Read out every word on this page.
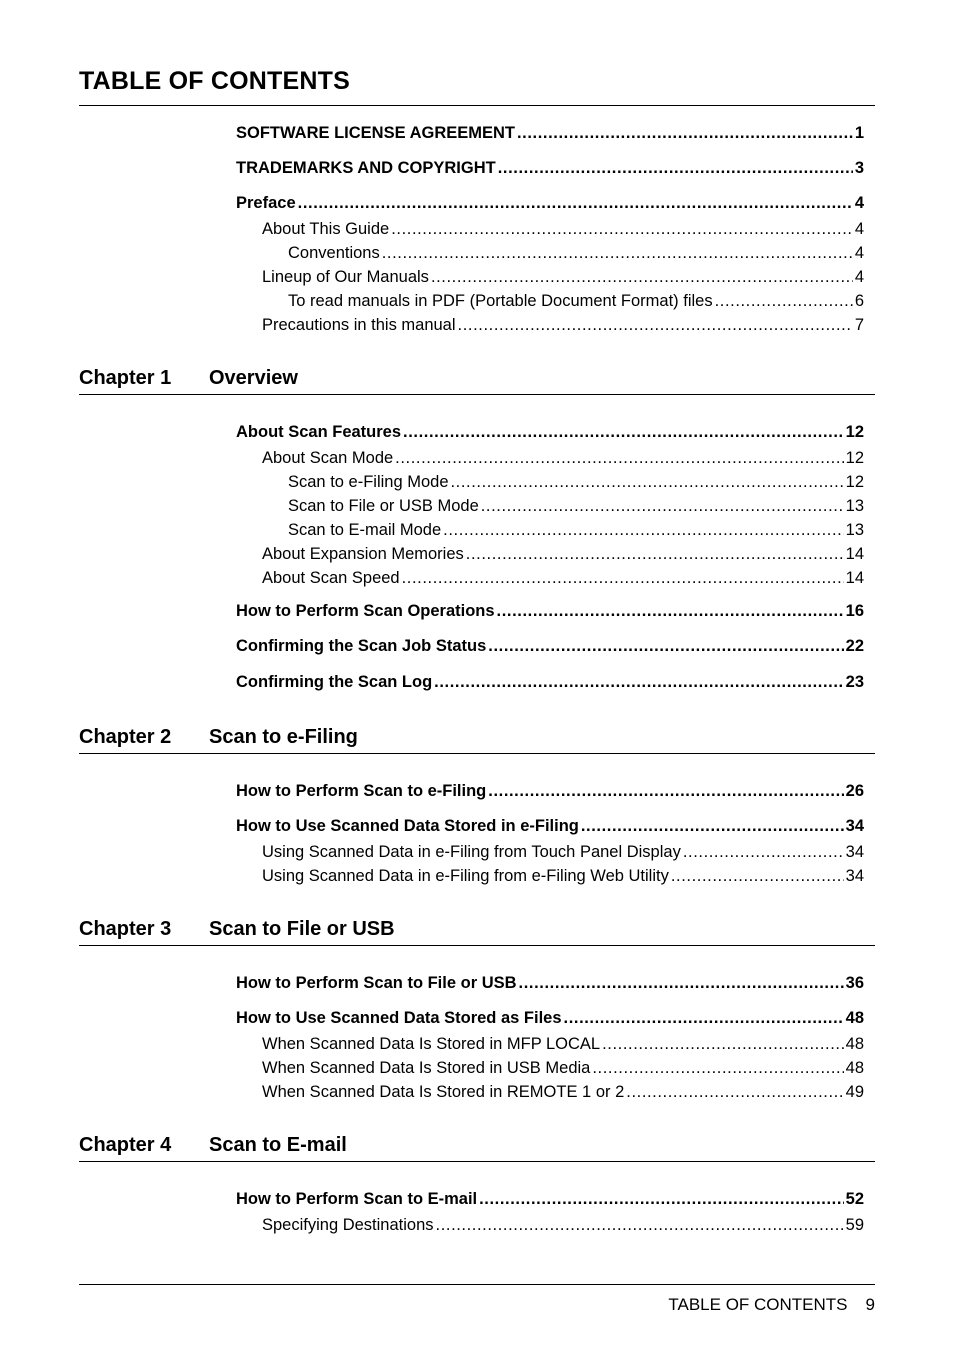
TABLE OF CONTENTS
SOFTWARE LICENSE AGREEMENT .....	1
TRADEMARKS AND COPYRIGHT .....	3
Preface .....	4
About This Guide .....	4
Conventions .....	4
Lineup of Our Manuals .....	4
To read manuals in PDF (Portable Document Format) files .....	6
Precautions in this manual .....	7
Chapter 1 Overview
About Scan Features .....	12
About Scan Mode .....	12
Scan to e-Filing Mode .....	12
Scan to File or USB Mode .....	13
Scan to E-mail Mode .....	13
About Expansion Memories .....	14
About Scan Speed .....	14
How to Perform Scan Operations .....	16
Confirming the Scan Job Status .....	22
Confirming the Scan Log .....	23
Chapter 2 Scan to e-Filing
How to Perform Scan to e-Filing .....	26
How to Use Scanned Data Stored in e-Filing .....	34
Using Scanned Data in e-Filing from Touch Panel Display .....	34
Using Scanned Data in e-Filing from e-Filing Web Utility .....	34
Chapter 3 Scan to File or USB
How to Perform Scan to File or USB .....	36
How to Use Scanned Data Stored as Files .....	48
When Scanned Data Is Stored in MFP LOCAL .....	48
When Scanned Data Is Stored in USB Media .....	48
When Scanned Data Is Stored in REMOTE 1 or 2 .....	49
Chapter 4 Scan to E-mail
How to Perform Scan to E-mail .....	52
Specifying Destinations .....	59
TABLE OF CONTENTS 9
